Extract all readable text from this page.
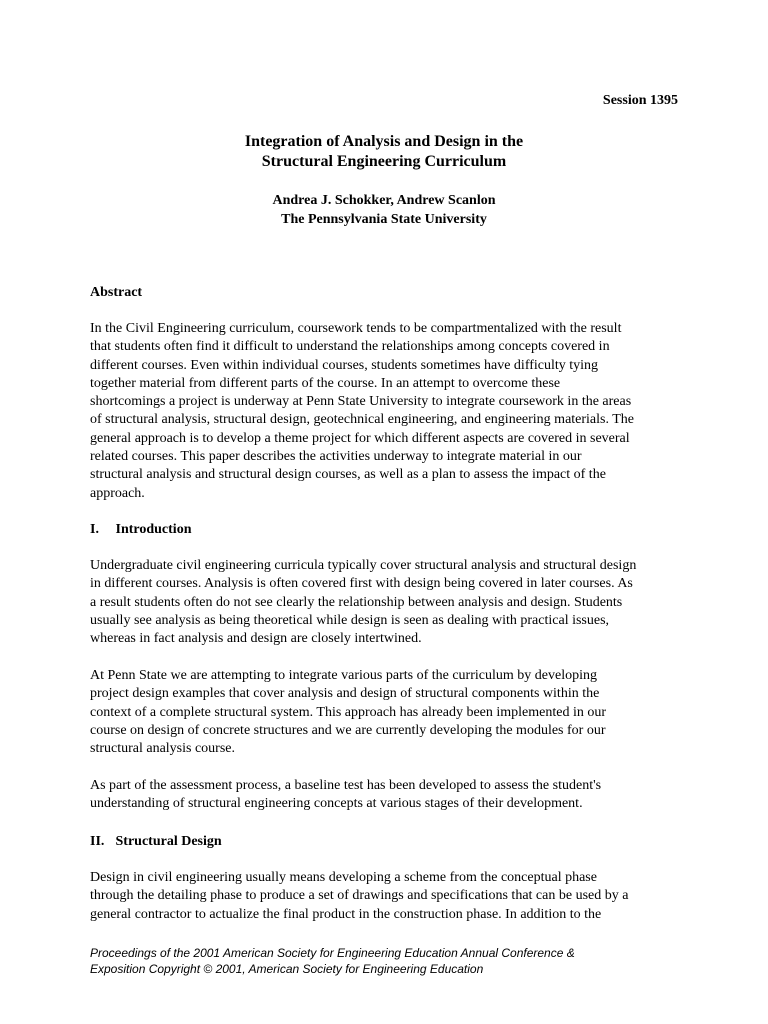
Session 1395
Integration of Analysis and Design in the
Structural Engineering Curriculum
Andrea J. Schokker, Andrew Scanlon
The Pennsylvania State University
Abstract
In the Civil Engineering curriculum, coursework tends to be compartmentalized with the result
that students often find it difficult to understand the relationships among concepts covered in
different courses. Even within individual courses, students sometimes have difficulty tying
together material from different parts of the course. In an attempt to overcome these
shortcomings a project is underway at Penn State University to integrate coursework in the areas
of structural analysis, structural design, geotechnical engineering, and engineering materials. The
general approach is to develop a theme project for which different aspects are covered in several
related courses. This paper describes the activities underway to integrate material in our
structural analysis and structural design courses, as well as a plan to assess the impact of the
approach.
I. Introduction
Undergraduate civil engineering curricula typically cover structural analysis and structural design
in different courses. Analysis is often covered first with design being covered in later courses. As
a result students often do not see clearly the relationship between analysis and design. Students
usually see analysis as being theoretical while design is seen as dealing with practical issues,
whereas in fact analysis and design are closely intertwined.
At Penn State we are attempting to integrate various parts of the curriculum by developing
project design examples that cover analysis and design of structural components within the
context of a complete structural system. This approach has already been implemented in our
course on design of concrete structures and we are currently developing the modules for our
structural analysis course.
As part of the assessment process, a baseline test has been developed to assess the student's
understanding of structural engineering concepts at various stages of their development.
II. Structural Design
Design in civil engineering usually means developing a scheme from the conceptual phase
through the detailing phase to produce a set of drawings and specifications that can be used by a
general contractor to actualize the final product in the construction phase. In addition to the
Proceedings of the 2001 American Society for Engineering Education Annual Conference &
Exposition Copyright © 2001, American Society for Engineering Education
